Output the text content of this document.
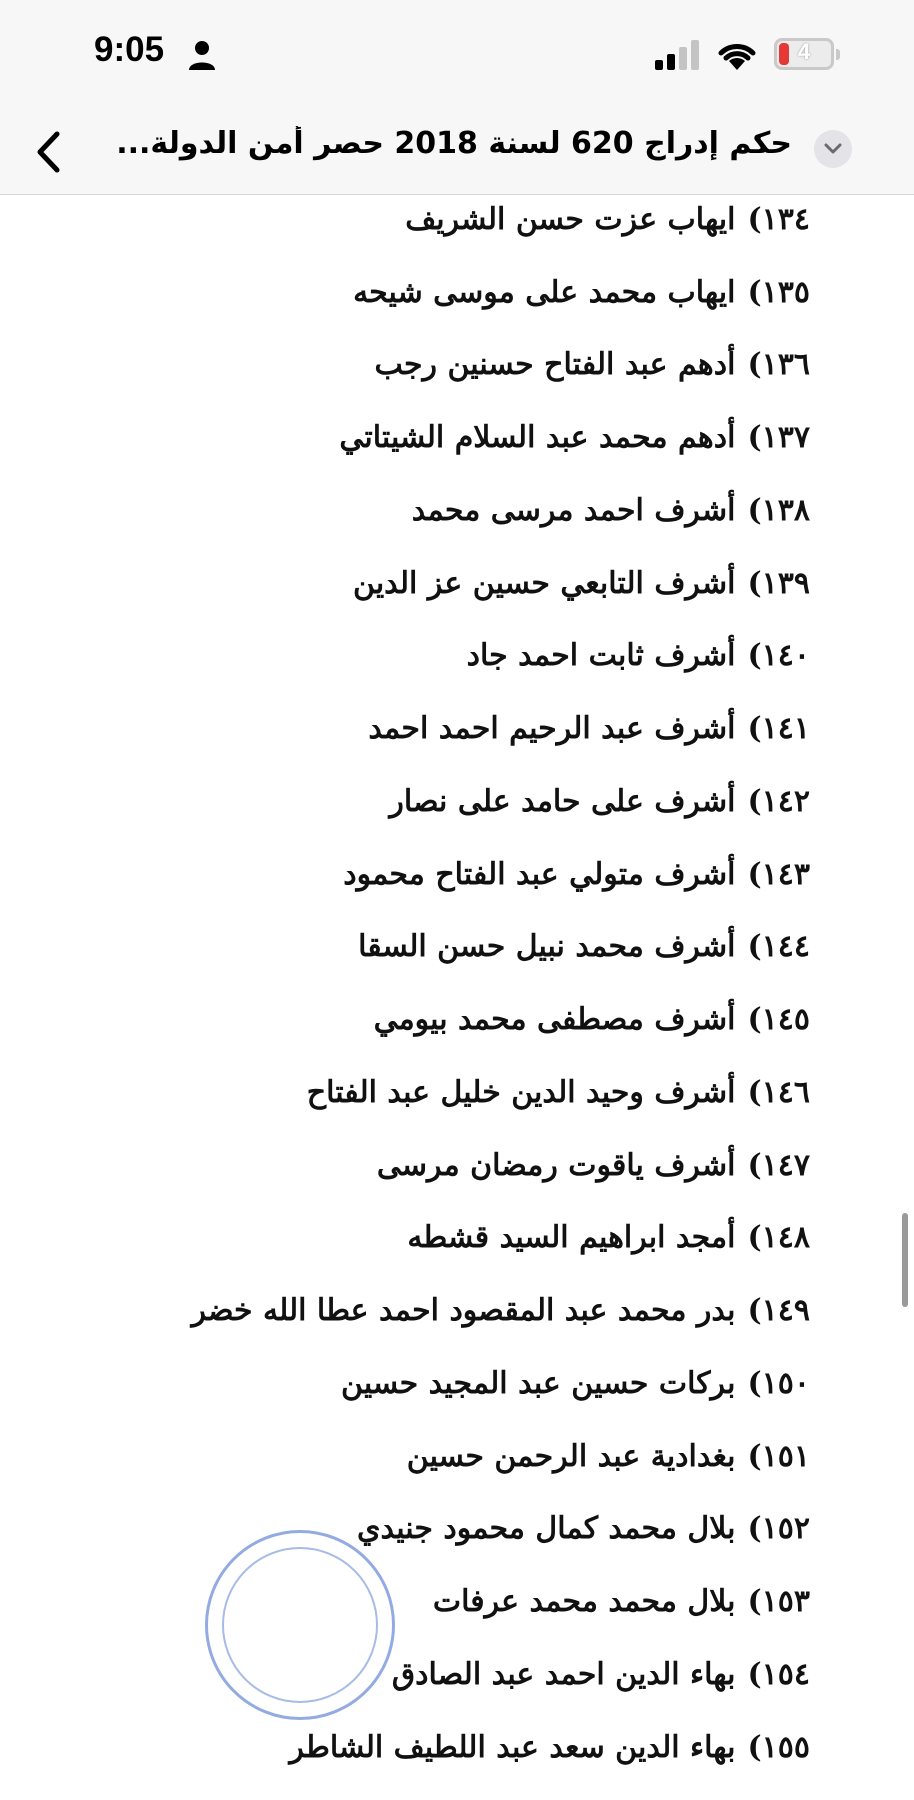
9:05	4
حكم إدراج 620 لسنة 2018 حصر أمن الدولة...
١٣٤)ايهاب عزت حسن الشريف
١٣٥)ايهاب محمد على موسى شيحه
١٣٦)أدهم عبد الفتاح حسنين رجب
١٣٧)أدهم محمد عبد السلام الشيتاتي
١٣٨)أشرف احمد مرسى محمد
١٣٩)أشرف التابعي حسين عز الدين
١٤٠)أشرف ثابت احمد جاد
١٤١)أشرف عبد الرحيم احمد احمد
١٤٢)أشرف على حامد على نصار
١٤٣)أشرف متولي عبد الفتاح محمود
١٤٤)أشرف محمد نبيل حسن السقا
١٤٥)أشرف مصطفى محمد بيومي
١٤٦)أشرف وحيد الدين خليل عبد الفتاح
١٤٧)أشرف ياقوت رمضان مرسى
١٤٨)أمجد ابراهيم السيد قشطه
١٤٩)بدر محمد عبد المقصود احمد عطا الله خضر
١٥٠)بركات حسين عبد المجيد حسين
١٥١)بغدادية عبد الرحمن حسين
١٥٢)بلال محمد كمال محمود جنيدي
١٥٣)بلال محمد محمد عرفات
١٥٤)بهاء الدين احمد عبد الصادق
١٥٥)بهاء الدين سعد عبد اللطيف الشاطر
